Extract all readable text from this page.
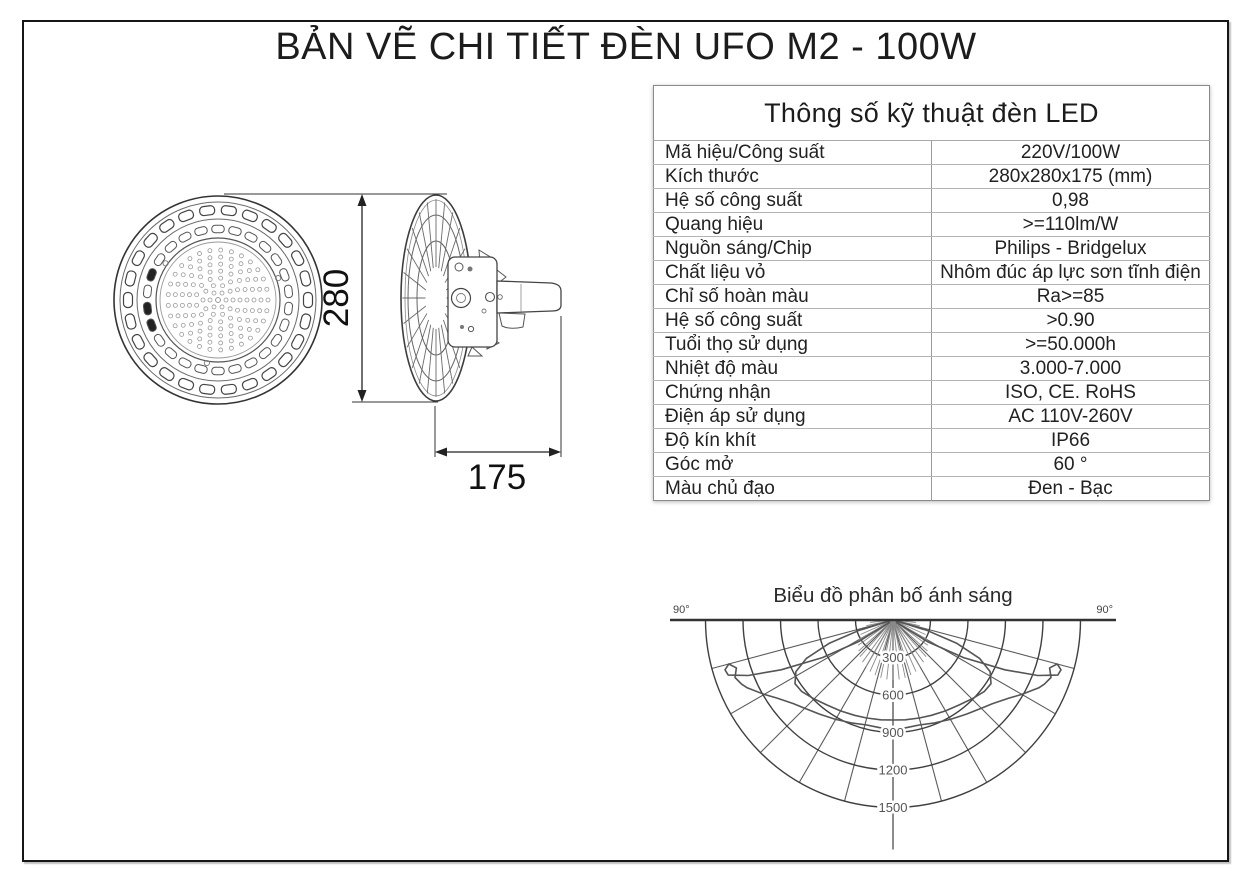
BẢN VẼ CHI TIẾT ĐÈN UFO M2 - 100W
280
175
Thông số kỹ thuật đèn LED	
Mã hiệu/Công suất	220V/100W
Kích thước	280x280x175 (mm)
Hệ số công suất	0,98
Quang hiệu	>=110lm/W
Nguồn sáng/Chip	Philips - Bridgelux
Chất liệu vỏ	Nhôm đúc áp lực sơn tĩnh điện
Chỉ số hoàn màu	Ra>=85
Hệ số công suất	>0.90
Tuổi thọ sử dụng	>=50.000h
Nhiệt độ màu	3.000-7.000
Chứng nhận	ISO, CE. RoHS
Điện áp sử dụng	AC 110V-260V
Độ kín khít	IP66
Góc mở	60 °
Màu chủ đạo	Đen - Bạc
Biểu đồ phân bố ánh sáng
90°	90°
300
600
900
1200
1500
